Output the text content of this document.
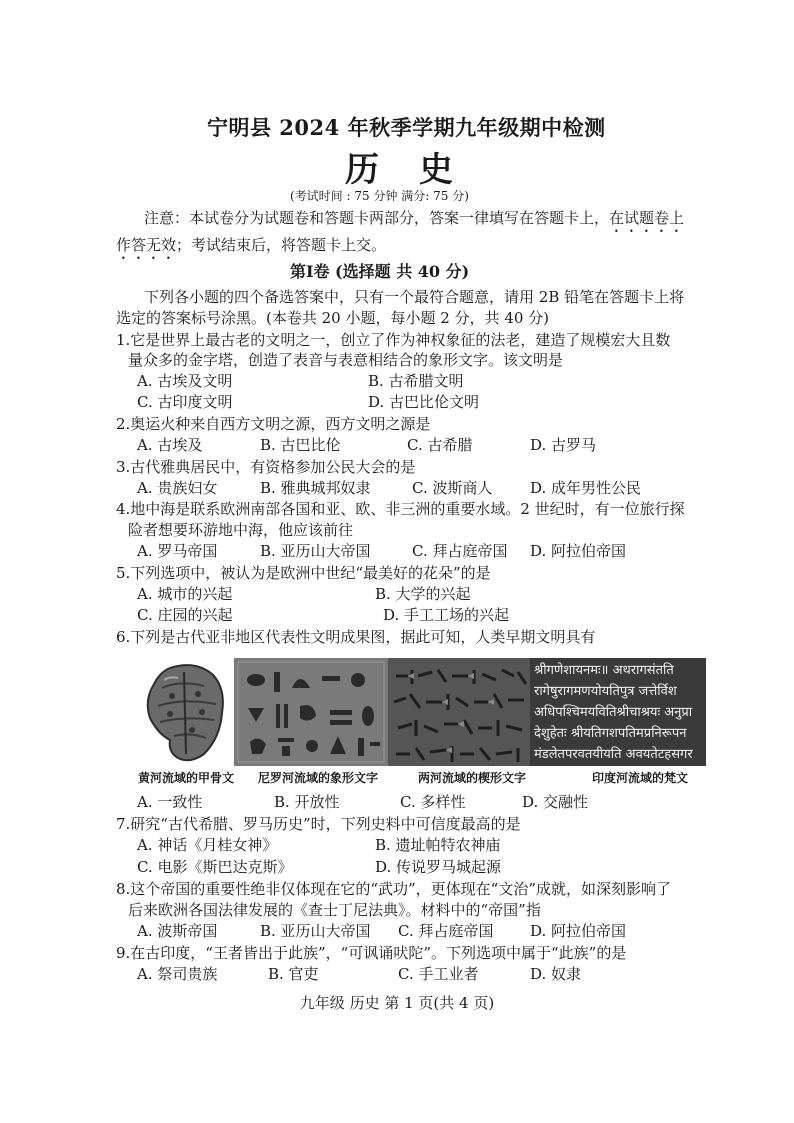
宁明县 2024 年秋季学期九年级期中检测
历史
(考试时间 : 75 分钟 满分: 75 分)
注意：本试卷分为试题卷和答题卡两部分，答案一律填写在答题卡上，在试题卷上
作答无效；考试结束后，将答题卡上交。
第Ⅰ卷 (选择题 共 40 分)
下列各小题的四个备选答案中，只有一个最符合题意，请用 2B 铅笔在答题卡上将
选定的答案标号涂黑。(本卷共 20 小题，每小题 2 分，共 40 分)
1.它是世界上最古老的文明之一，创立了作为神权象征的法老，建造了规模宏大且数
量众多的金字塔，创造了表音与表意相结合的象形文字。该文明是
A. 古埃及文明	B. 古希腊文明
C. 古印度文明	D. 古巴比伦文明
2.奥运火种来自西方文明之源，西方文明之源是
A. 古埃及	B. 古巴比伦	C. 古希腊	D. 古罗马
3.古代雅典居民中，有资格参加公民大会的是
A. 贵族妇女	B. 雅典城邦奴隶	C. 波斯商人	D. 成年男性公民
4.地中海是联系欧洲南部各国和亚、欧、非三洲的重要水域。2 世纪时，有一位旅行探
险者想要环游地中海，他应该前往
A. 罗马帝国	B. 亚历山大帝国	C. 拜占庭帝国 D. 阿拉伯帝国
5.下列选项中，被认为是欧洲中世纪“最美好的花朵”的是
A. 城市的兴起	B. 大学的兴起
C. 庄园的兴起	D. 手工工场的兴起
6.下列是古代亚非地区代表性文明成果图，据此可知，人类早期文明具有
श्रीगणेशायनमः॥ अथरागसंतति
रागेषुरागमणयोयतिपुत्र जत्तेर्विश
अधिपश्चिमयवितिश्रीचाश्रयः अनुप्रा
देशुहेतः श्रीयतिगशपतिमप्रनिरूपन
मंडलेतपरवतयीयति अवयतेटहसगर
黄河流域的甲骨文 尼罗河流域的象形文字	两河流域的楔形文字	印度河流域的梵文
A. 一致性	B. 开放性	C. 多样性	D. 交融性
7.研究“古代希腊、罗马历史”时，下列史料中可信度最高的是
A. 神话《月桂女神》	B. 遗址帕特农神庙
C. 电影《斯巴达克斯》	D. 传说罗马城起源
8.这个帝国的重要性绝非仅体现在它的“武功”，更体现在“文治”成就，如深刻影响了
后来欧洲各国法律发展的《查士丁尼法典》。材料中的“帝国”指
A. 波斯帝国	B. 亚历山大帝国 C. 拜占庭帝国 D. 阿拉伯帝国
9.在古印度，“王者皆出于此族”，“可讽诵吠陀”。下列选项中属于“此族”的是
A. 祭司贵族	B. 官吏	C. 手工业者	D. 奴隶
九年级 历史 第 1 页(共 4 页)
